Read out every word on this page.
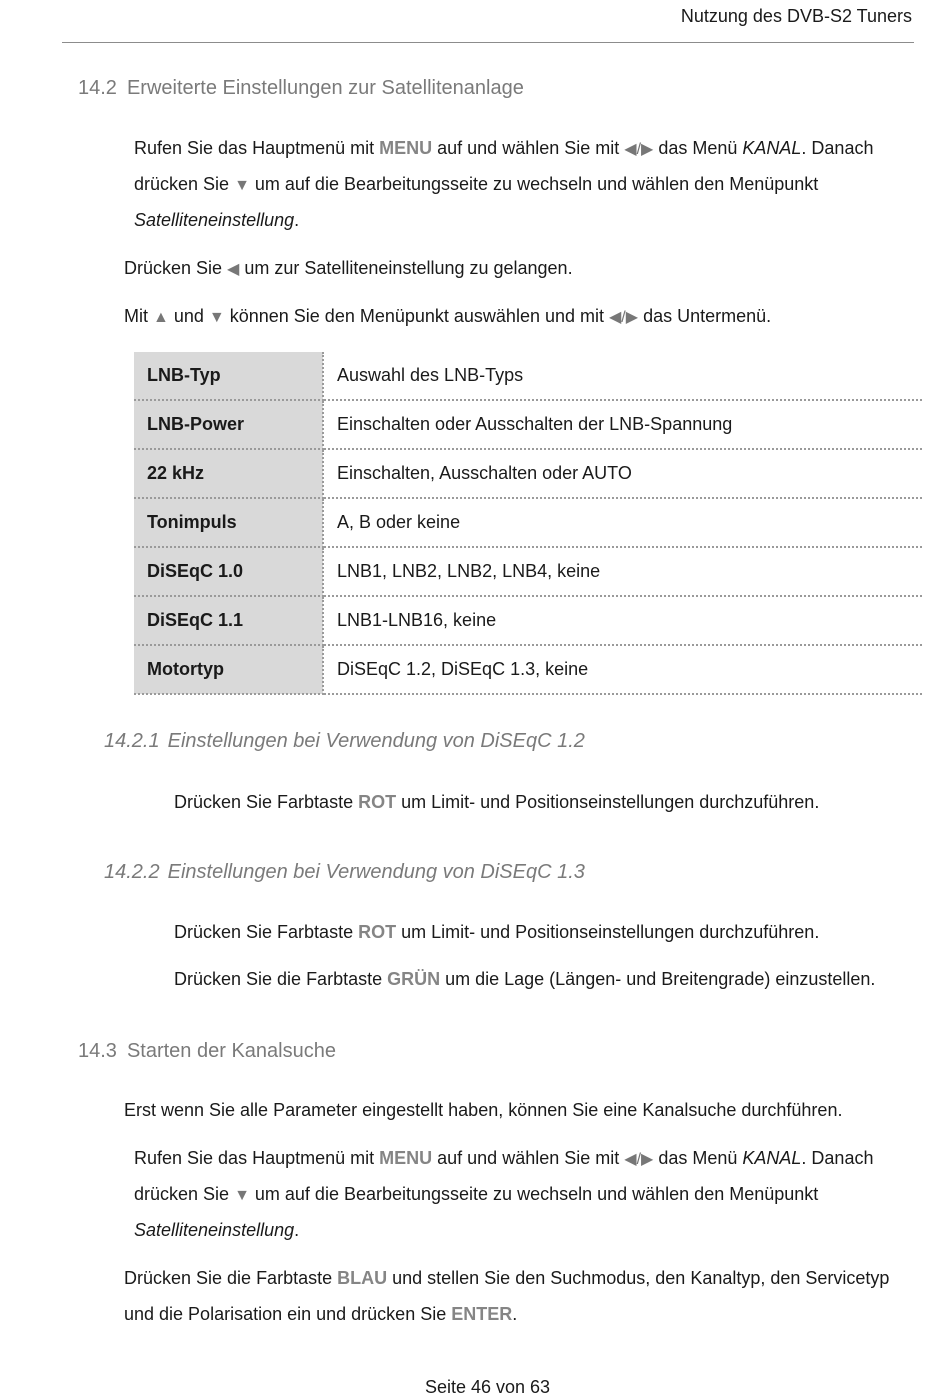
Nutzung des DVB-S2 Tuners
14.2 Erweiterte Einstellungen zur Satellitenanlage
Rufen Sie das Hauptmenü mit MENU auf und wählen Sie mit ◀/▶ das Menü KANAL. Danach
drücken Sie ▼ um auf die Bearbeitungsseite zu wechseln und wählen den Menüpunkt
Satelliteneinstellung.
Drücken Sie ◀ um zur Satelliteneinstellung zu gelangen.
Mit ▲ und ▼ können Sie den Menüpunkt auswählen und mit ◀/▶ das Untermenü.
LNB-Typ	Auswahl des LNB-Typs
LNB-Power	Einschalten oder Ausschalten der LNB-Spannung
22 kHz	Einschalten, Ausschalten oder AUTO
Tonimpuls	A, B oder keine
DiSEqC 1.0	LNB1, LNB2, LNB2, LNB4, keine
DiSEqC 1.1	LNB1-LNB16, keine
Motortyp	DiSEqC 1.2, DiSEqC 1.3, keine
14.2.1 Einstellungen bei Verwendung von DiSEqC 1.2
Drücken Sie Farbtaste ROT um Limit- und Positionseinstellungen durchzuführen.
14.2.2 Einstellungen bei Verwendung von DiSEqC 1.3
Drücken Sie Farbtaste ROT um Limit- und Positionseinstellungen durchzuführen.
Drücken Sie die Farbtaste GRÜN um die Lage (Längen- und Breitengrade) einzustellen.
14.3 Starten der Kanalsuche
Erst wenn Sie alle Parameter eingestellt haben, können Sie eine Kanalsuche durchführen.
Rufen Sie das Hauptmenü mit MENU auf und wählen Sie mit ◀/▶ das Menü KANAL. Danach
drücken Sie ▼ um auf die Bearbeitungsseite zu wechseln und wählen den Menüpunkt
Satelliteneinstellung.
Drücken Sie die Farbtaste BLAU und stellen Sie den Suchmodus, den Kanaltyp, den Servicetyp
und die Polarisation ein und drücken Sie ENTER.
Seite 46 von 63
